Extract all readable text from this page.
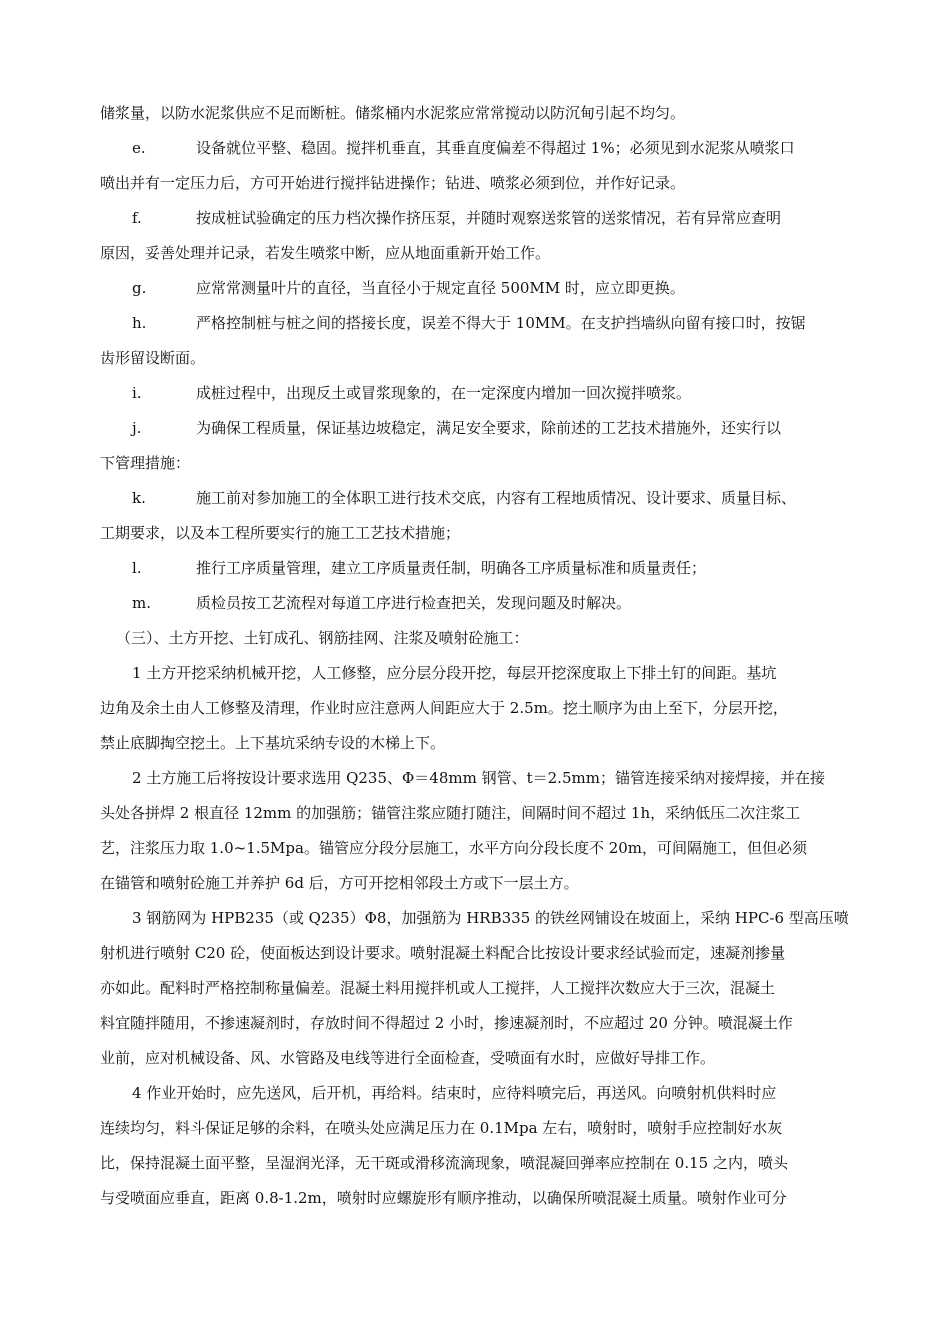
储浆量，以防水泥浆供应不足而断桩。储浆桶内水泥浆应常常搅动以防沉甸引起不均匀。
e.	设备就位平整、稳固。搅拌机垂直，其垂直度偏差不得超过 1%；必须见到水泥浆从喷浆口
喷出并有一定压力后，方可开始进行搅拌钻进操作；钻进、喷浆必须到位，并作好记录。
f.	按成桩试验确定的压力档次操作挤压泵，并随时观察送浆管的送浆情况，若有异常应查明
原因，妥善处理并记录，若发生喷浆中断，应从地面重新开始工作。
g.	应常常测量叶片的直径，当直径小于规定直径 500MM 时，应立即更换。
h.	严格控制桩与桩之间的搭接长度，误差不得大于 10MM。在支护挡墙纵向留有接口时，按锯
齿形留设断面。
i.	成桩过程中，出现反土或冒浆现象的，在一定深度内增加一回次搅拌喷浆。
j.	为确保工程质量，保证基边坡稳定，满足安全要求，除前述的工艺技术措施外，还实行以
下管理措施：
k.	施工前对参加施工的全体职工进行技术交底，内容有工程地质情况、设计要求、质量目标、
工期要求，以及本工程所要实行的施工工艺技术措施；
l.	推行工序质量管理，建立工序质量责任制，明确各工序质量标准和质量责任；
m.	质检员按工艺流程对每道工序进行检查把关，发现问题及时解决。
（三）、土方开挖、土钉成孔、钢筋挂网、注浆及喷射砼施工：
1 土方开挖采纳机械开挖，人工修整，应分层分段开挖，每层开挖深度取上下排土钉的间距。基坑
边角及余土由人工修整及清理，作业时应注意两人间距应大于 2.5m。挖土顺序为由上至下，分层开挖，
禁止底脚掏空挖土。上下基坑采纳专设的木梯上下。
2 土方施工后将按设计要求选用 Q235、Φ＝48mm 钢管、t＝2.5mm；锚管连接采纳对接焊接，并在接
头处各拼焊 2 根直径 12mm 的加强筋；锚管注浆应随打随注，间隔时间不超过 1h，采纳低压二次注浆工
艺，注浆压力取 1.0~1.5Mpa。锚管应分段分层施工，水平方向分段长度不 20m，可间隔施工，但但必须
在锚管和喷射砼施工并养护 6d 后，方可开挖相邻段土方或下一层土方。
3 钢筋网为 HPB235（或 Q235）Φ8，加强筋为 HRB335 的铁丝网铺设在坡面上，采纳 HPC-6 型高压喷
射机进行喷射 C20 砼，使面板达到设计要求。喷射混凝土料配合比按设计要求经试验而定，速凝剂掺量
亦如此。配料时严格控制称量偏差。混凝土料用搅拌机或人工搅拌，人工搅拌次数应大于三次，混凝土
料宜随拌随用，不掺速凝剂时，存放时间不得超过 2 小时，掺速凝剂时，不应超过 20 分钟。喷混凝土作
业前，应对机械设备、风、水管路及电线等进行全面检查，受喷面有水时，应做好导排工作。
4 作业开始时，应先送风，后开机，再给料。结束时，应待料喷完后，再送风。向喷射机供料时应
连续均匀，料斗保证足够的余料，在喷头处应满足压力在 0.1Mpa 左右，喷射时，喷射手应控制好水灰
比，保持混凝土面平整，呈湿润光泽，无干斑或滑移流滴现象，喷混凝回弹率应控制在 0.15 之内，喷头
与受喷面应垂直，距离 0.8-1.2m，喷射时应螺旋形有顺序推动，以确保所喷混凝土质量。喷射作业可分
